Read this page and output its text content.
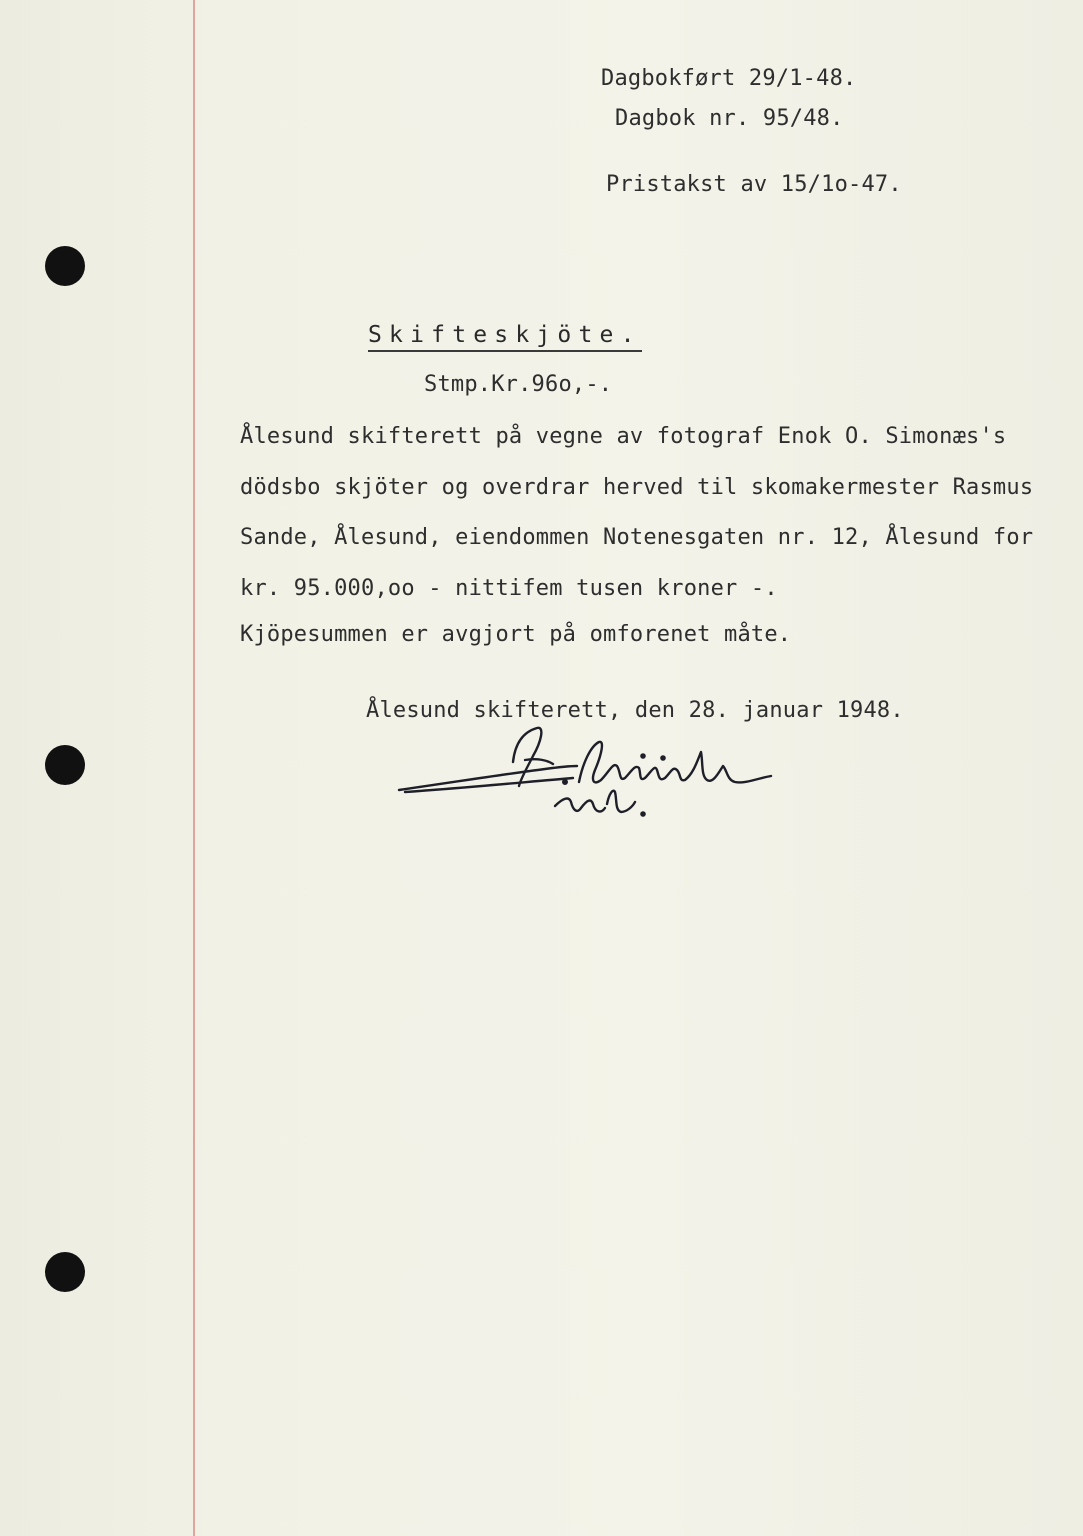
Dagbokført 29/1-48.
Dagbok nr. 95/48.
Pristakst av 15/1o-47.
Skifteskjöte.
Stmp.Kr.96o,-.
Ålesund skifterett på vegne av fotograf Enok O. Simonæs's
dödsbo skjöter og overdrar herved til skomakermester Rasmus
Sande, Ålesund, eiendommen Notenesgaten nr. 12, Ålesund for
kr. 95.000,oo - nittifem tusen kroner -.
Kjöpesummen er avgjort på omforenet måte.
Ålesund skifterett, den 28. januar 1948.
